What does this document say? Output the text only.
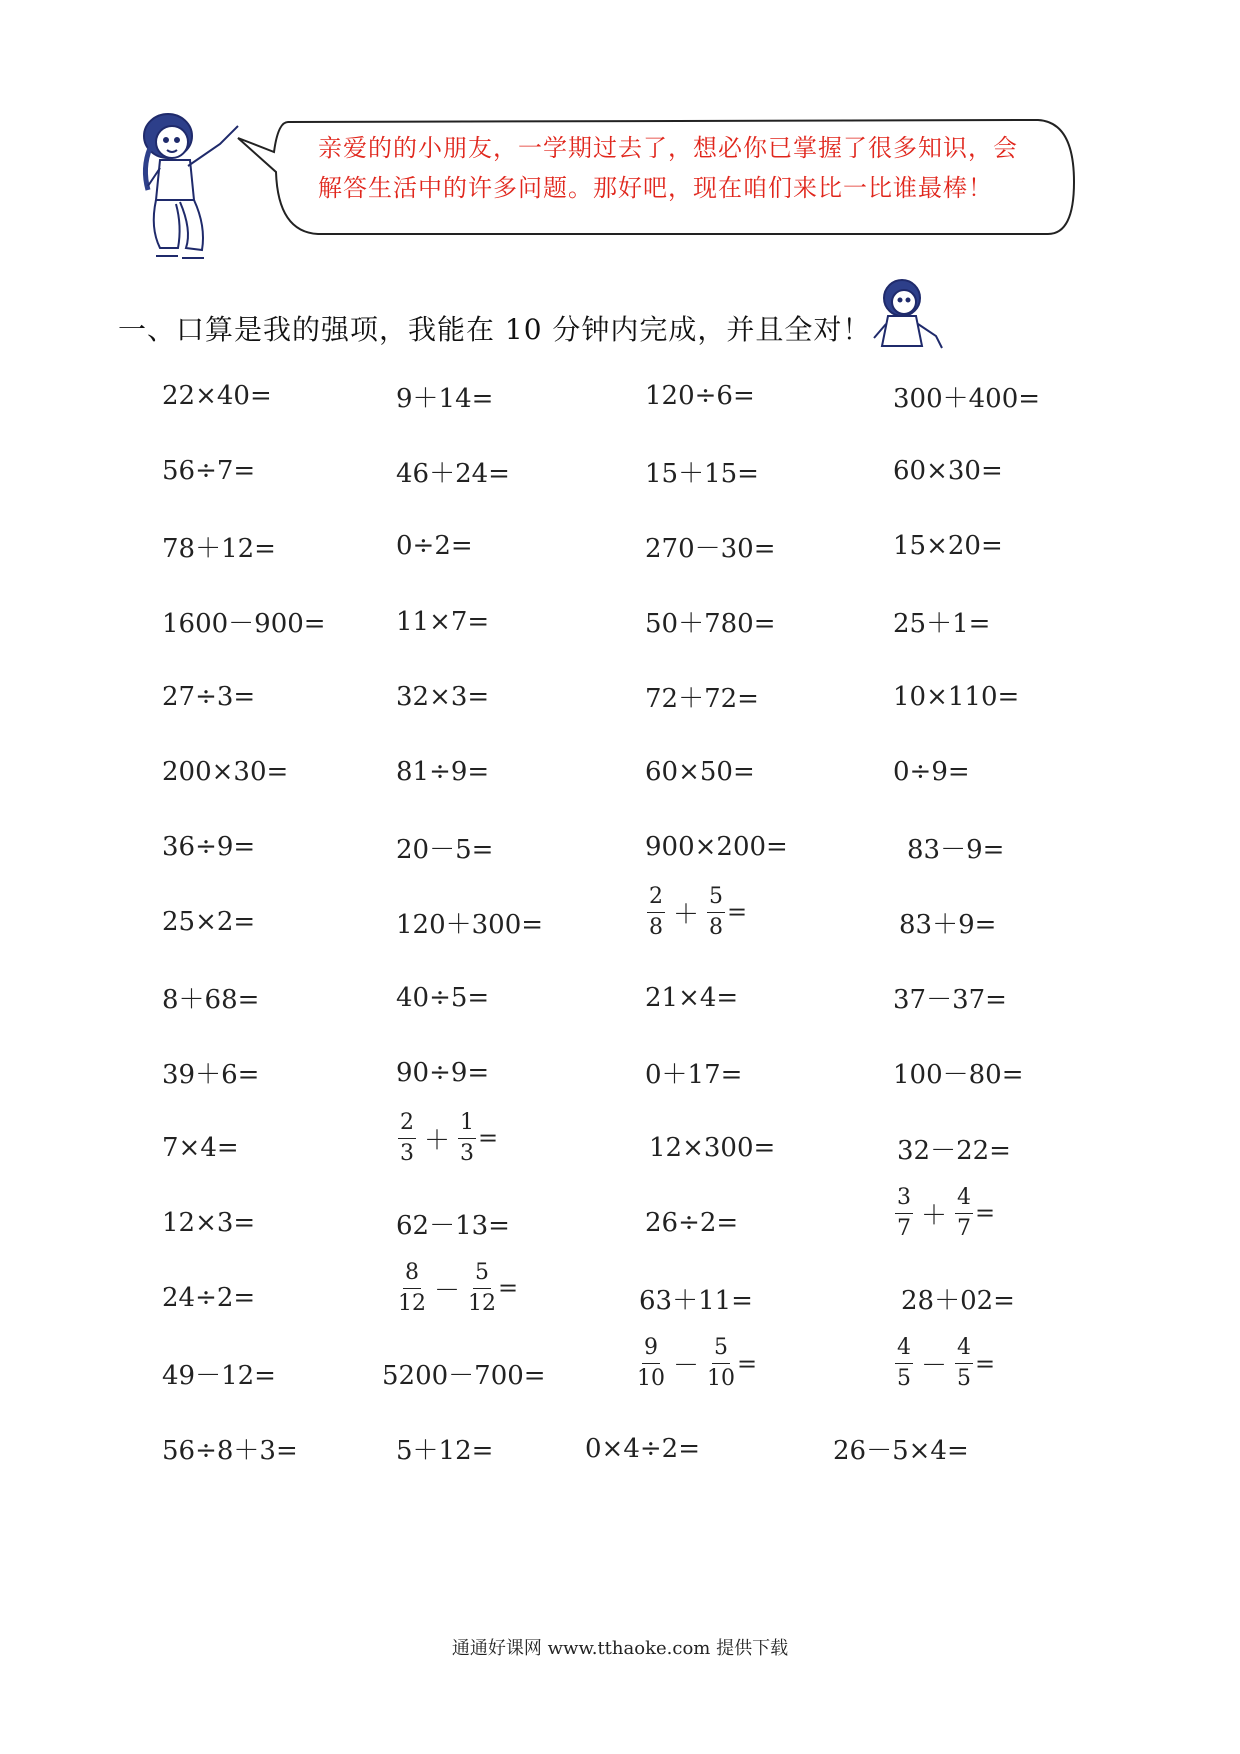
亲爱的的小朋友，一学期过去了，想必你已掌握了很多知识，会
解答生活中的许多问题。那好吧，现在咱们来比一比谁最棒！
一、口算是我的强项，我能在 10 分钟内完成，并且全对！
22×40=	9＋14=	120÷6=	300＋400=
56÷7=	46＋24=	15＋15=	60×30=
78＋12=	0÷2=	270－30=	15×20=
1600－900=	11×7=	50＋780=	25＋1=
27÷3=	32×3=	72＋72=	10×110=
200×30=	81÷9=	60×50=	0÷9=
36÷9=	20－5=	900×200=	83－9=
25×2=	120＋300=	$\frac{2}{8} + \frac{5}{8}$ =	83＋9=
8＋68=	40÷5=	21×4=	37－37=
39＋6=	90÷9=	0＋17=	100－80=
7×4=	$\frac{2}{3} + \frac{1}{3}$ =	12×300=	32－22=
12×3=	62－13=	26÷2=	$\frac{3}{7} + \frac{4}{7}$ =
24÷2=	$\frac{8}{12} - \frac{5}{12}$ =	63＋11=	28＋02=
49－12=	5200－700=	$\frac{9}{10} - \frac{5}{10}$ =	$\frac{4}{5} - \frac{4}{5}$ =
56÷8＋3=	5＋12=	0×4÷2=	26－5×4=
通通好课网 www.tthaoke.com 提供下载
